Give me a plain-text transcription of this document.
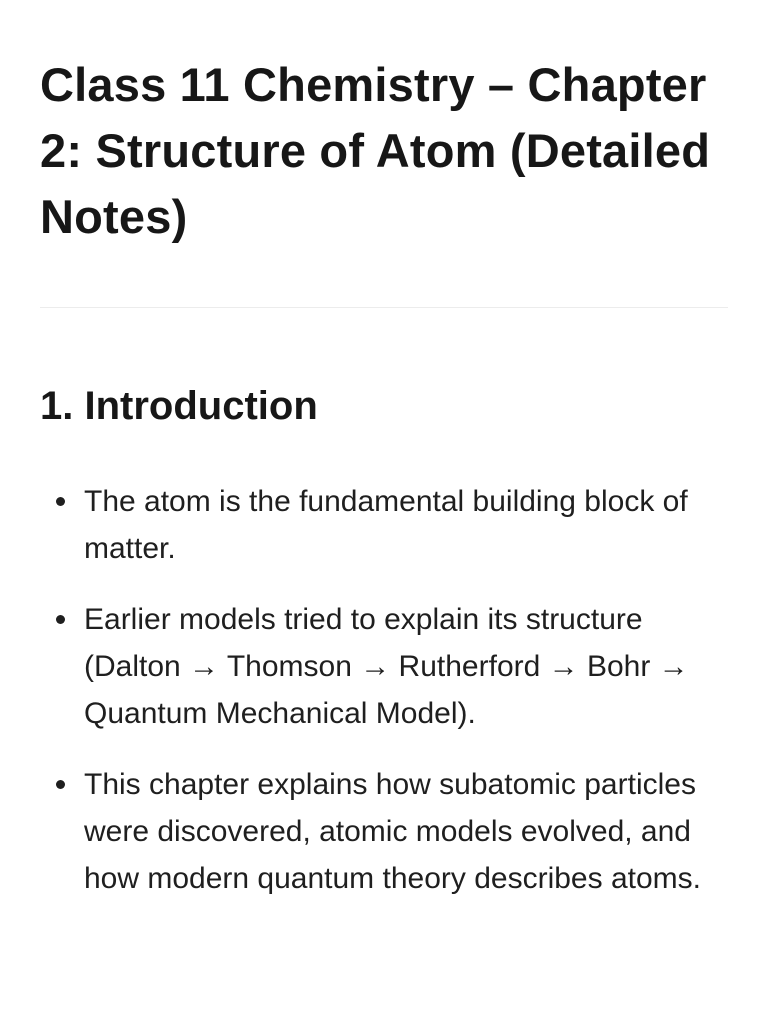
Class 11 Chemistry – Chapter 2: Structure of Atom (Detailed Notes)
1. Introduction
The atom is the fundamental building block of matter.
Earlier models tried to explain its structure (Dalton → Thomson → Rutherford → Bohr → Quantum Mechanical Model).
This chapter explains how subatomic particles were discovered, atomic models evolved, and how modern quantum theory describes atoms.
